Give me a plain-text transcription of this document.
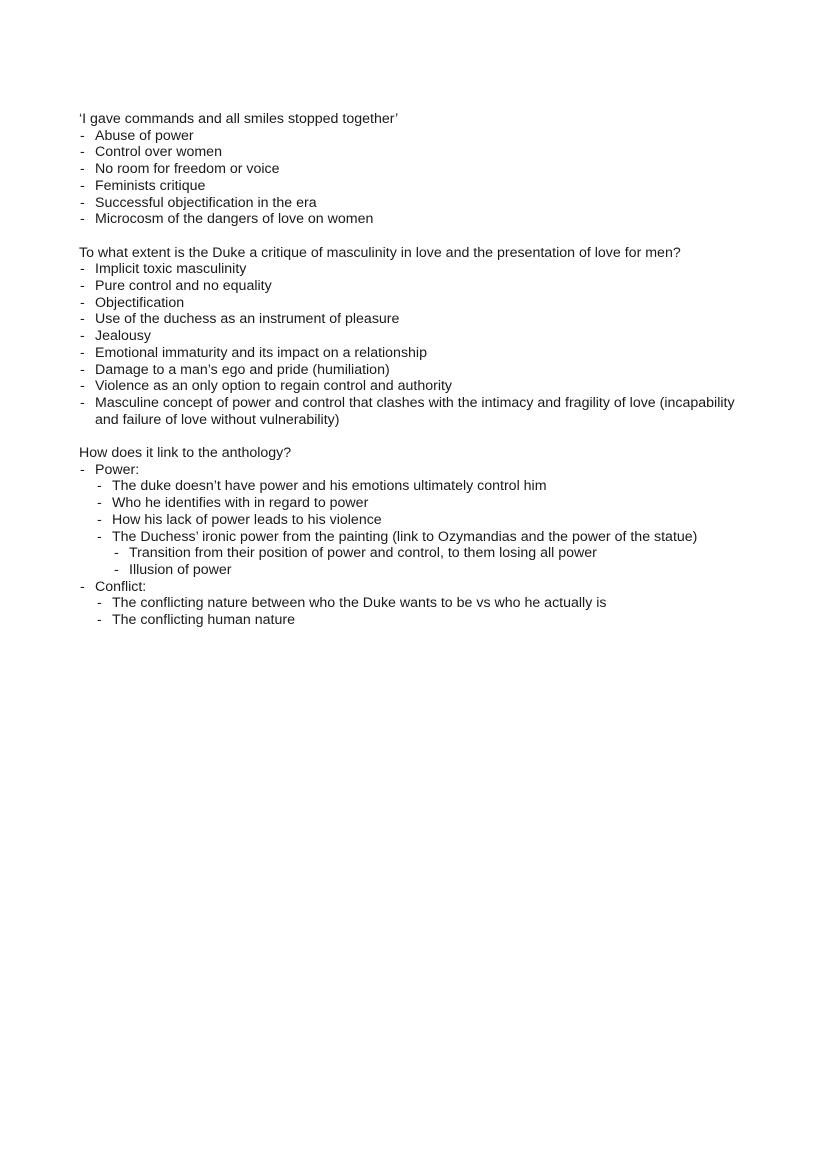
‘I gave commands and all smiles stopped together’
- Abuse of power
- Control over women
- No room for freedom or voice
- Feminists critique
- Successful objectification in the era
- Microcosm of the dangers of love on women
To what extent is the Duke a critique of masculinity in love and the presentation of love for men?
- Implicit toxic masculinity
- Pure control and no equality
- Objectification
- Use of the duchess as an instrument of pleasure
- Jealousy
- Emotional immaturity and its impact on a relationship
- Damage to a man’s ego and pride (humiliation)
- Violence as an only option to regain control and authority
- Masculine concept of power and control that clashes with the intimacy and fragility of love (incapability and failure of love without vulnerability)
How does it link to the anthology?
- Power:
- The duke doesn’t have power and his emotions ultimately control him
- Who he identifies with in regard to power
- How his lack of power leads to his violence
- The Duchess’ ironic power from the painting (link to Ozymandias and the power of the statue)
- Transition from their position of power and control, to them losing all power
- Illusion of power
- Conflict:
- The conflicting nature between who the Duke wants to be vs who he actually is
- The conflicting human nature
